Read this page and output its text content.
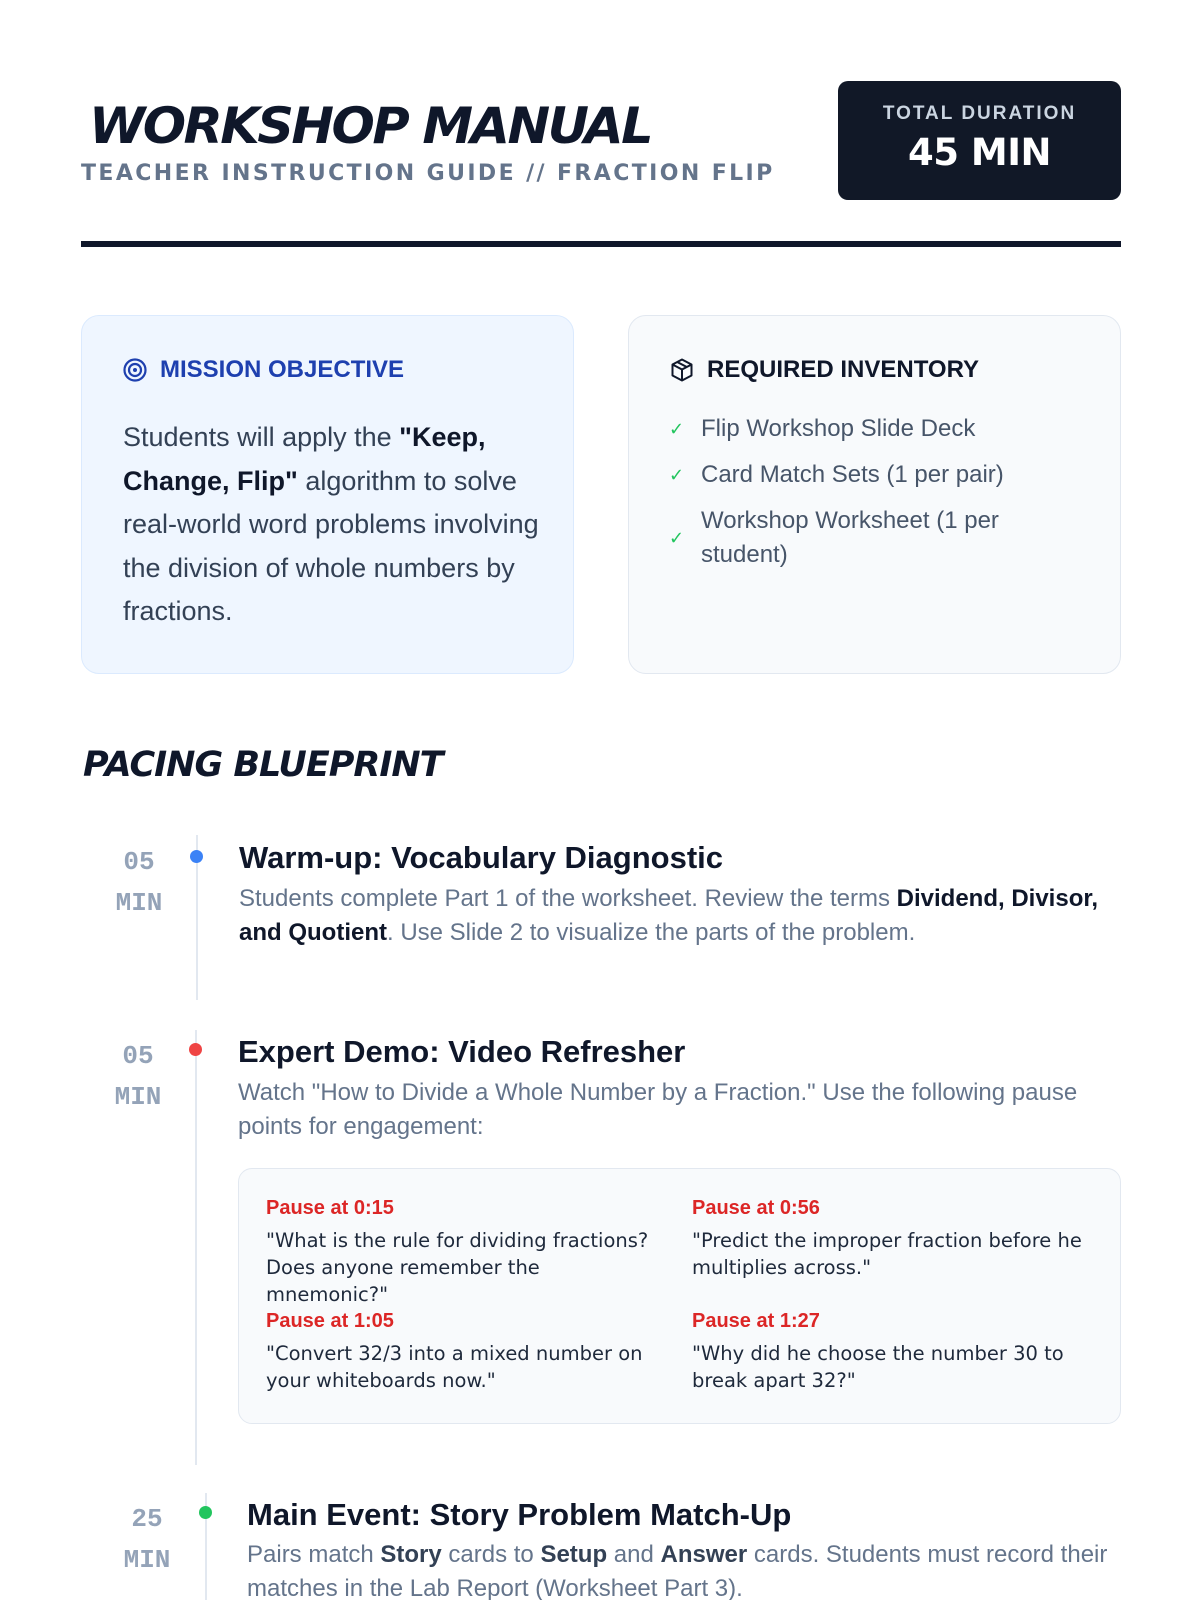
WORKSHOP MANUAL
TEACHER INSTRUCTION GUIDE // FRACTION FLIP
TOTAL DURATION
45 MIN
MISSION OBJECTIVE

Students will apply the "Keep, Change, Flip" algorithm to solve real-world word problems involving the division of whole numbers by fractions.

REQUIRED INVENTORY
✓ Flip Workshop Slide Deck
✓ Card Match Sets (1 per pair)
✓
Workshop Worksheet (1 per student)
PACING BLUEPRINT
05
MIN
Warm-up: Vocabulary Diagnostic
Students complete Part 1 of the worksheet. Review the terms Dividend, Divisor, and Quotient. Use Slide 2 to visualize the parts of the problem.
05
MIN
Expert Demo: Video Refresher
Watch "How to Divide a Whole Number by a Fraction." Use the following pause points for engagement:
Pause at 0:15
"What is the rule for dividing fractions? Does anyone remember the mnemonic?"
Pause at 0:56
"Predict the improper fraction before he multiplies across."
Pause at 1:05
"Convert 32/3 into a mixed number on your whiteboards now."
Pause at 1:27
"Why did he choose the number 30 to break apart 32?"
25
MIN
Main Event: Story Problem Match-Up
Pairs match Story cards to Setup and Answer cards. Students must record their matches in the Lab Report (Worksheet Part 3).
